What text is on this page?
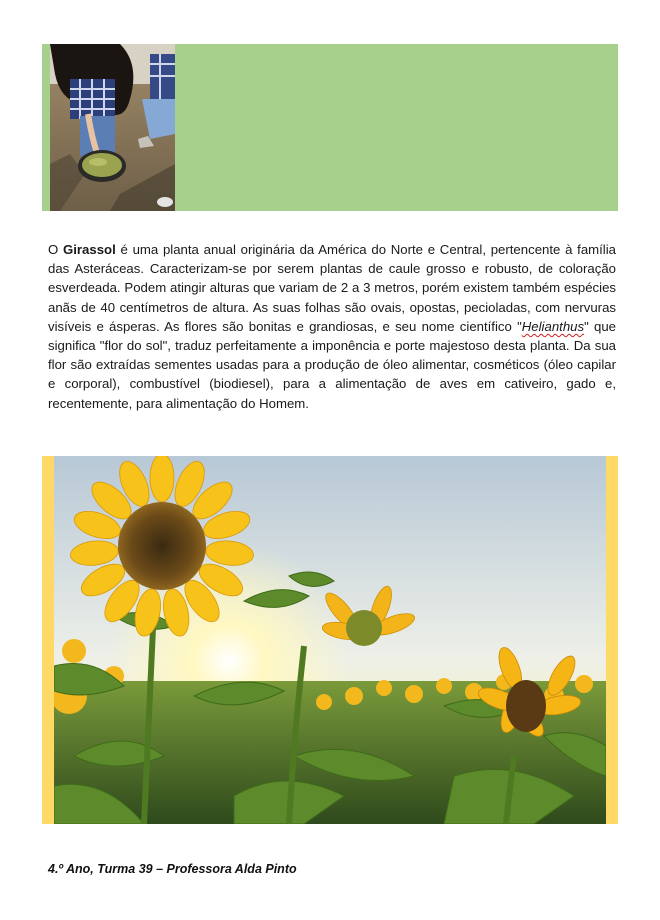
O Girassol é uma planta anual originária da América do Norte e Central, pertencente à família das Asteráceas. Caracterizam-se por serem plantas de caule grosso e robusto, de coloração esverdeada. Podem atingir alturas que variam de 2 a 3 metros, porém existem também espécies anãs de 40 centímetros de altura. As suas folhas são ovais, opostas, pecioladas, com nervuras visíveis e ásperas. As flores são bonitas e grandiosas, e seu nome científico "Helianthus" que significa "flor do sol", traduz perfeitamente a imponência e porte majestoso desta planta. Da sua flor são extraídas sementes usadas para a produção de óleo alimentar, cosméticos (óleo capilar e corporal), combustível (biodiesel), para a alimentação de aves em cativeiro, gado e, recentemente, para alimentação do Homem.

4.º Ano, Turma 39 – Professora Alda Pinto
